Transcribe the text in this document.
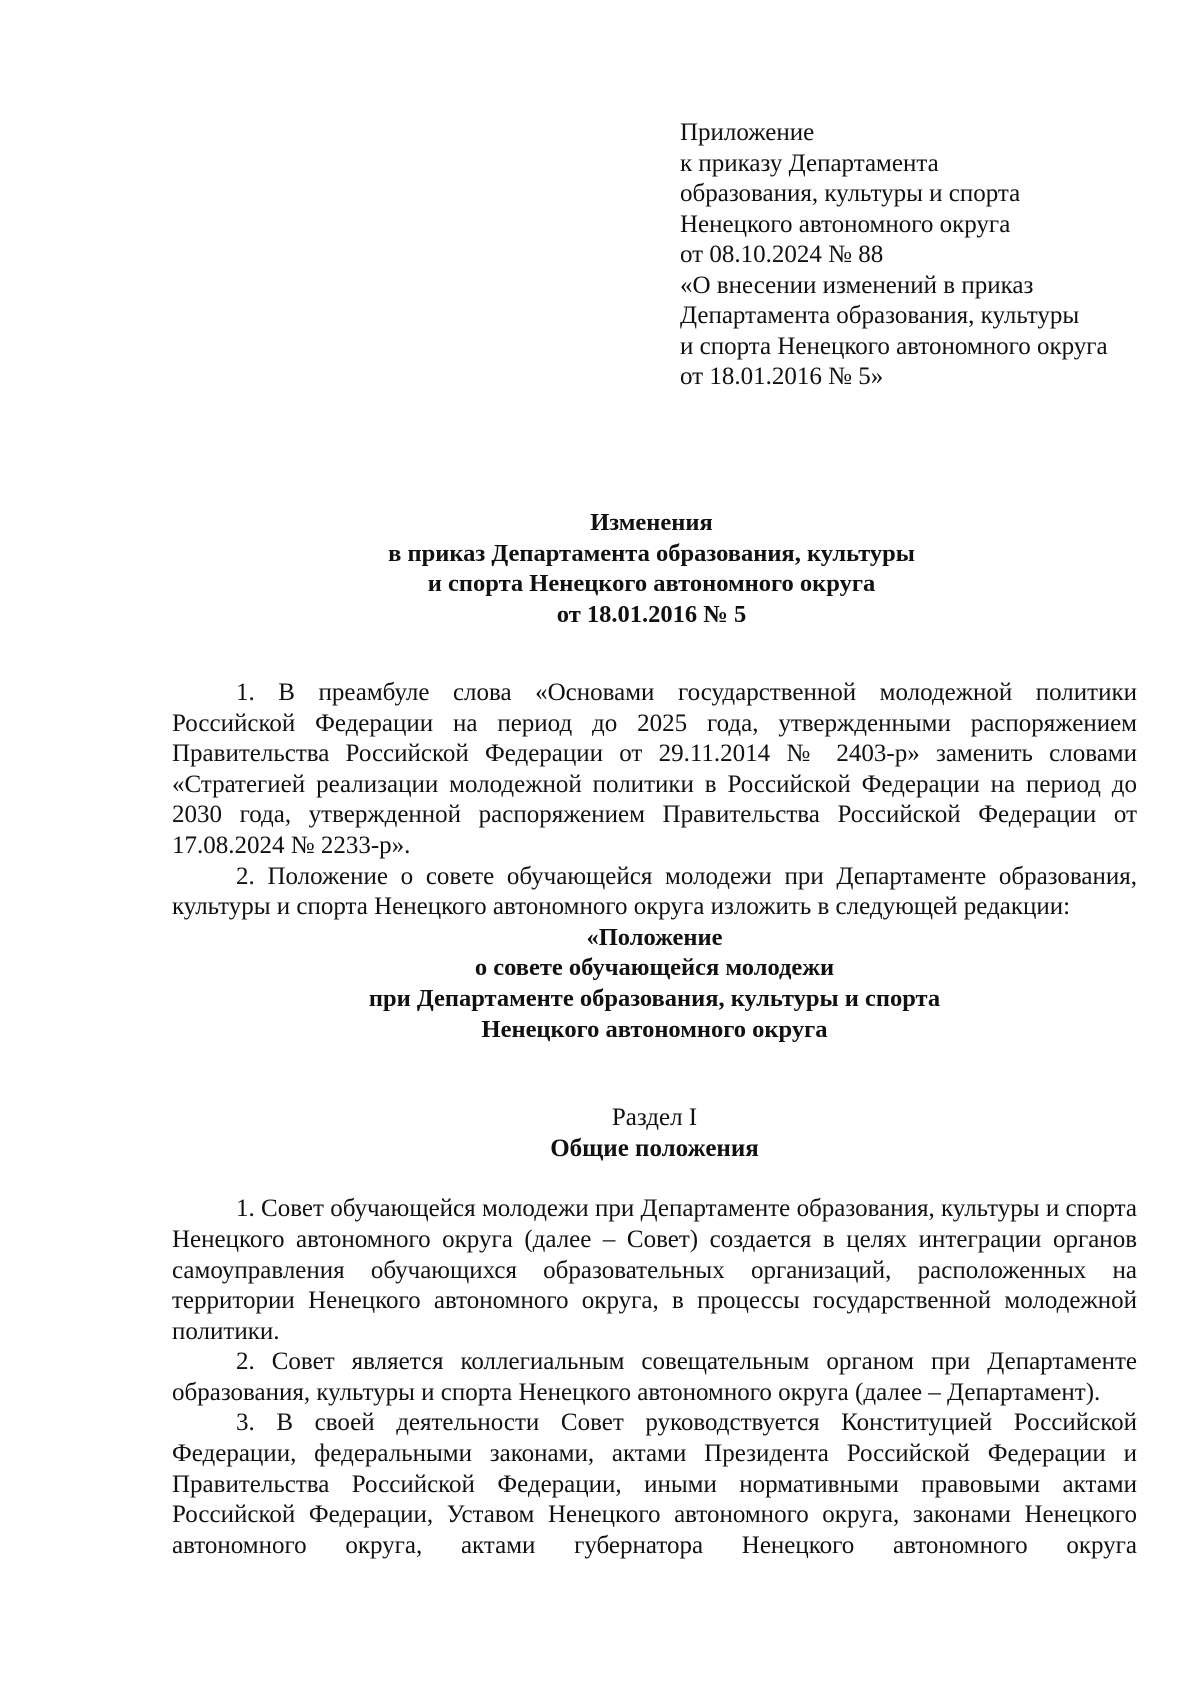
Приложение
к приказу Департамента
образования, культуры и спорта
Ненецкого автономного округа
от 08.10.2024 № 88
«О внесении изменений в приказ
Департамента образования, культуры
и спорта Ненецкого автономного округа
от 18.01.2016 № 5»
Изменения
в приказ Департамента образования, культуры
и спорта Ненецкого автономного округа
от 18.01.2016 № 5

1. В преамбуле слова «Основами государственной молодежной политики Российской Федерации на период до 2025 года, утвержденными распоряжением Правительства Российской Федерации от 29.11.2014 № 2403-р» заменить словами «Стратегией реализации молодежной политики в Российской Федерации на период до 2030 года, утвержденной распоряжением Правительства Российской Федерации от 17.08.2024 № 2233-р».

2. Положение о совете обучающейся молодежи при Департаменте образования, культуры и спорта Ненецкого автономного округа изложить в следующей редакции:

«Положение

о совете обучающейся молодежи

при Департаменте образования, культуры и спорта

Ненецкого автономного округа

Раздел I

Общие положения

1. Совет обучающейся молодежи при Департаменте образования, культуры и спорта Ненецкого автономного округа (далее – Совет) создается в целях интеграции органов самоуправления обучающихся образовательных организаций, расположенных на территории Ненецкого автономного округа, в процессы государственной молодежной политики.

2. Совет является коллегиальным совещательным органом при Департаменте образования, культуры и спорта Ненецкого автономного округа (далее – Департамент).

3. В своей деятельности Совет руководствуется Конституцией Российской Федерации, федеральными законами, актами Президента Российской Федерации и Правительства Российской Федерации, иными нормативными правовыми актами Российской Федерации, Уставом Ненецкого автономного округа, законами Ненецкого автономного округа, актами губернатора Ненецкого автономного округа
